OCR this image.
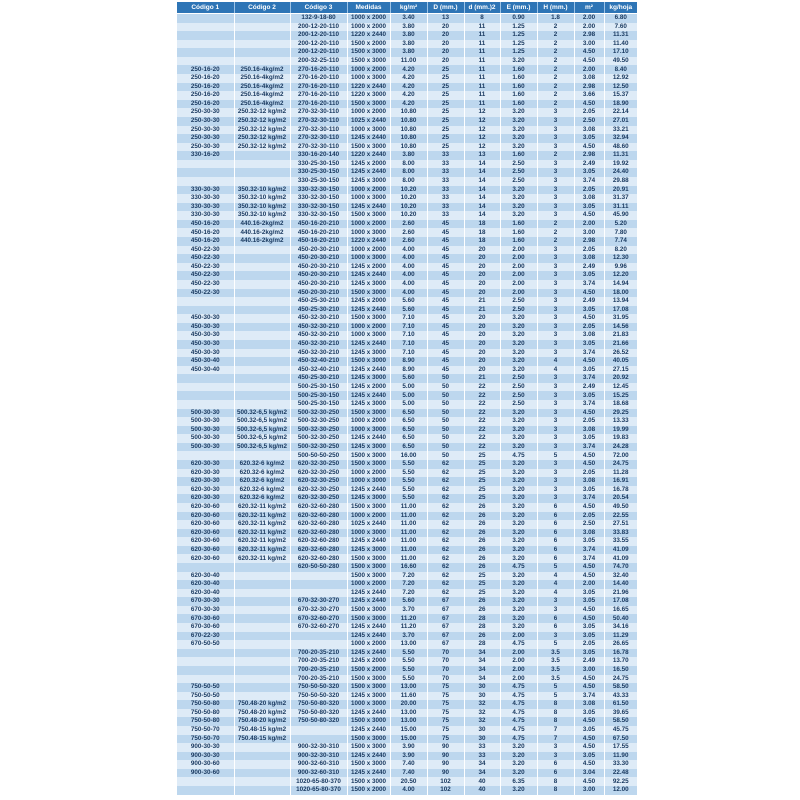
Código 1	Código 2	Código 3	Medidas	kg/m²	D (mm.)	d (mm.)2	E (mm.)	H (mm.)	m²	kg/hoja
		132-9-18-80	1000 x 2000	3.40	13	8	0.90	1.8	2.00	6.80
		200-12-20-110	1000 x 2000	3.80	20	11	1.25	2	2.00	7.60
		200-12-20-110	1220 x 2440	3.80	20	11	1.25	2	2.98	11.31
		200-12-20-110	1500 x 2000	3.80	20	11	1.25	2	3.00	11.40
		200-12-20-110	1500 x 3000	3.80	20	11	1.25	2	4.50	17.10
		200-32-25-110	1500 x 3000	11.00	20	11	3.20	2	4.50	49.50
250-16-20	250.16-4kg/m2	270-16-20-110	1000 x 2000	4.20	25	11	1.60	2	2.00	8.40
250-16-20	250.16-4kg/m2	270-16-20-110	1000 x 3000	4.20	25	11	1.60	2	3.08	12.92
250-16-20	250.16-4kg/m2	270-16-20-110	1220 x 2440	4.20	25	11	1.60	2	2.98	12.50
250-16-20	250.16-4kg/m2	270-16-20-110	1220 x 3000	4.20	25	11	1.60	2	3.66	15.37
250-16-20	250.16-4kg/m2	270-16-20-110	1500 x 3000	4.20	25	11	1.60	2	4.50	18.90
250-30-30	250.32-12 kg/m2	270-32-30-110	1000 x 2000	10.80	25	12	3.20	3	2.05	22.14
250-30-30	250.32-12 kg/m2	270-32-30-110	1025 x 2440	10.80	25	12	3.20	3	2.50	27.01
250-30-30	250.32-12 kg/m2	270-32-30-110	1000 x 3000	10.80	25	12	3.20	3	3.08	33.21
250-30-30	250.32-12 kg/m2	270-32-30-110	1245 x 2440	10.80	25	12	3.20	3	3.05	32.94
250-30-30	250.32-12 kg/m2	270-32-30-110	1500 x 3000	10.80	25	12	3.20	3	4.50	48.60
330-16-20		330-16-20-140	1220 x 2440	3.80	33	13	1.60	2	2.98	11.31
		330-25-30-150	1245 x 2000	8.00	33	14	2.50	3	2.49	19.92
		330-25-30-150	1245 x 2440	8.00	33	14	2.50	3	3.05	24.40
		330-25-30-150	1245 x 3000	8.00	33	14	2.50	3	3.74	29.88
330-30-30	350.32-10 kg/m2	330-32-30-150	1000 x 2000	10.20	33	14	3.20	3	2.05	20.91
330-30-30	350.32-10 kg/m2	330-32-30-150	1000 x 3000	10.20	33	14	3.20	3	3.08	31.37
330-30-30	350.32-10 kg/m2	330-32-30-150	1245 x 2440	10.20	33	14	3.20	3	3.05	31.11
330-30-30	350.32-10 kg/m2	330-32-30-150	1500 x 3000	10.20	33	14	3.20	3	4.50	45.90
450-16-20	440.16-2kg/m2	450-16-20-210	1000 x 2000	2.60	45	18	1.60	2	2.00	5.20
450-16-20	440.16-2kg/m2	450-16-20-210	1000 x 3000	2.60	45	18	1.60	2	3.00	7.80
450-16-20	440.16-2kg/m2	450-16-20-210	1220 x 2440	2.60	45	18	1.60	2	2.98	7.74
450-22-30		450-20-30-210	1000 x 2000	4.00	45	20	2.00	3	2.05	8.20
450-22-30		450-20-30-210	1000 x 3000	4.00	45	20	2.00	3	3.08	12.30
450-22-30		450-20-30-210	1245 x 2000	4.00	45	20	2.00	3	2.49	9.96
450-22-30		450-20-30-210	1245 x 2440	4.00	45	20	2.00	3	3.05	12.20
450-22-30		450-20-30-210	1245 x 3000	4.00	45	20	2.00	3	3.74	14.94
450-22-30		450-20-30-210	1500 x 3000	4.00	45	20	2.00	3	4.50	18.00
		450-25-30-210	1245 x 2000	5.60	45	21	2.50	3	2.49	13.94
		450-25-30-210	1245 x 2440	5.60	45	21	2.50	3	3.05	17.08
450-30-30		450-32-30-210	1500 x 3000	7.10	45	20	3.20	3	4.50	31.95
450-30-30		450-32-30-210	1000 x 2000	7.10	45	20	3.20	3	2.05	14.56
450-30-30		450-32-30-210	1000 x 3000	7.10	45	20	3.20	3	3.08	21.83
450-30-30		450-32-30-210	1245 x 2440	7.10	45	20	3.20	3	3.05	21.66
450-30-30		450-32-30-210	1245 x 3000	7.10	45	20	3.20	3	3.74	26.52
450-30-40		450-32-40-210	1500 x 3000	8.90	45	20	3.20	4	4.50	40.05
450-30-40		450-32-40-210	1245 x 2440	8.90	45	20	3.20	4	3.05	27.15
		450-25-30-210	1245 x 3000	5.60	50	21	2.50	3	3.74	20.92
		500-25-30-150	1245 x 2000	5.00	50	22	2.50	3	2.49	12.45
		500-25-30-150	1245 x 2440	5.00	50	22	2.50	3	3.05	15.25
		500-25-30-150	1245 x 3000	5.00	50	22	2.50	3	3.74	18.68
500-30-30	500.32-6,5 kg/m2	500-32-30-250	1500 x 3000	6.50	50	22	3.20	3	4.50	29.25
500-30-30	500.32-6,5 kg/m2	500-32-30-250	1000 x 2000	6.50	50	22	3.20	3	2.05	13.33
500-30-30	500.32-6,5 kg/m2	500-32-30-250	1000 x 3000	6.50	50	22	3.20	3	3.08	19.99
500-30-30	500.32-6,5 kg/m2	500-32-30-250	1245 x 2440	6.50	50	22	3.20	3	3.05	19.83
500-30-30	500.32-6,5 kg/m2	500-32-30-250	1245 x 3000	6.50	50	22	3.20	3	3.74	24.28
		500-50-50-250	1500 x 3000	16.00	50	25	4.75	5	4.50	72.00
620-30-30	620.32-6 kg/m2	620-32-30-250	1500 x 3000	5.50	62	25	3.20	3	4.50	24.75
620-30-30	620.32-6 kg/m2	620-32-30-250	1000 x 2000	5.50	62	25	3.20	3	2.05	11.28
620-30-30	620.32-6 kg/m2	620-32-30-250	1000 x 3000	5.50	62	25	3.20	3	3.08	16.91
620-30-30	620.32-6 kg/m2	620-32-30-250	1245 x 2440	5.50	62	25	3.20	3	3.05	16.78
620-30-30	620.32-6 kg/m2	620-32-30-250	1245 x 3000	5.50	62	25	3.20	3	3.74	20.54
620-30-60	620.32-11 kg/m2	620-32-60-280	1500 x 3000	11.00	62	26	3.20	6	4.50	49.50
620-30-60	620.32-11 kg/m2	620-32-60-280	1000 x 2000	11.00	62	26	3.20	6	2.05	22.55
620-30-60	620.32-11 kg/m2	620-32-60-280	1025 x 2440	11.00	62	26	3.20	6	2.50	27.51
620-30-60	620.32-11 kg/m2	620-32-60-280	1000 x 3000	11.00	62	26	3.20	6	3.08	33.83
620-30-60	620.32-11 kg/m2	620-32-60-280	1245 x 2440	11.00	62	26	3.20	6	3.05	33.55
620-30-60	620.32-11 kg/m2	620-32-60-280	1245 x 3000	11.00	62	26	3.20	6	3.74	41.09
620-30-60	620.32-11 kg/m2	620-32-60-280	1500 x 3000	11.00	62	26	3.20	6	3.74	41.09
		620-50-50-280	1500 x 3000	16.60	62	26	4.75	5	4.50	74.70
620-30-40			1500 x 3000	7.20	62	25	3.20	4	4.50	32.40
620-30-40			1000 x 2000	7.20	62	25	3.20	4	2.00	14.40
620-30-40			1245 x 2440	7.20	62	25	3.20	4	3.05	21.96
670-30-30		670-32-30-270	1245 x 2440	5.60	67	26	3.20	3	3.05	17.08
670-30-30		670-32-30-270	1500 x 3000	3.70	67	26	3.20	3	4.50	16.65
670-30-60		670-32-60-270	1500 x 3000	11.20	67	28	3.20	6	4.50	50.40
670-30-60		670-32-60-270	1245 x 2440	11.20	67	28	3.20	6	3.05	34.16
670-22-30			1245 x 2440	3.70	67	26	2.00	3	3.05	11.29
670-50-50			1000 x 2000	13.00	67	28	4.75	5	2.05	26.65
		700-20-35-210	1245 x 2440	5.50	70	34	2.00	3.5	3.05	16.78
		700-20-35-210	1245 x 2000	5.50	70	34	2.00	3.5	2.49	13.70
		700-20-35-210	1500 x 2000	5.50	70	34	2.00	3.5	3.00	16.50
		700-20-35-210	1500 x 3000	5.50	70	34	2.00	3.5	4.50	24.75
750-50-50		750-50-50-320	1500 x 3000	13.00	75	30	4.75	5	4.50	58.50
750-50-50		750-50-50-320	1245 x 3000	11.60	75	30	4.75	5	3.74	43.33
750-50-80	750.48-20 kg/m2	750-50-80-320	1000 x 3000	20.00	75	32	4.75	8	3.08	61.50
750-50-80	750.48-20 kg/m2	750-50-80-320	1245 x 2440	13.00	75	32	4.75	8	3.05	39.65
750-50-80	750.48-20 kg/m2	750-50-80-320	1500 x 3000	13.00	75	32	4.75	8	4.50	58.50
750-50-70	750.48-15 kg/m2		1245 x 2440	15.00	75	30	4.75	7	3.05	45.75
750-50-70	750.48-15 kg/m2		1500 x 3000	15.00	75	30	4.75	7	4.50	67.50
900-30-30		900-32-30-310	1500 x 3000	3.90	90	33	3.20	3	4.50	17.55
900-30-30		900-32-30-310	1245 x 2440	3.90	90	33	3.20	3	3.05	11.90
900-30-60		900-32-60-310	1500 x 3000	7.40	90	34	3.20	6	4.50	33.30
900-30-60		900-32-60-310	1245 x 2440	7.40	90	34	3.20	6	3.04	22.48
		1020-65-80-370	1500 x 3000	20.50	102	40	6.35	8	4.50	92.25
		1020-65-80-370	1500 x 2000	4.00	102	40	3.20	8	3.00	12.00
